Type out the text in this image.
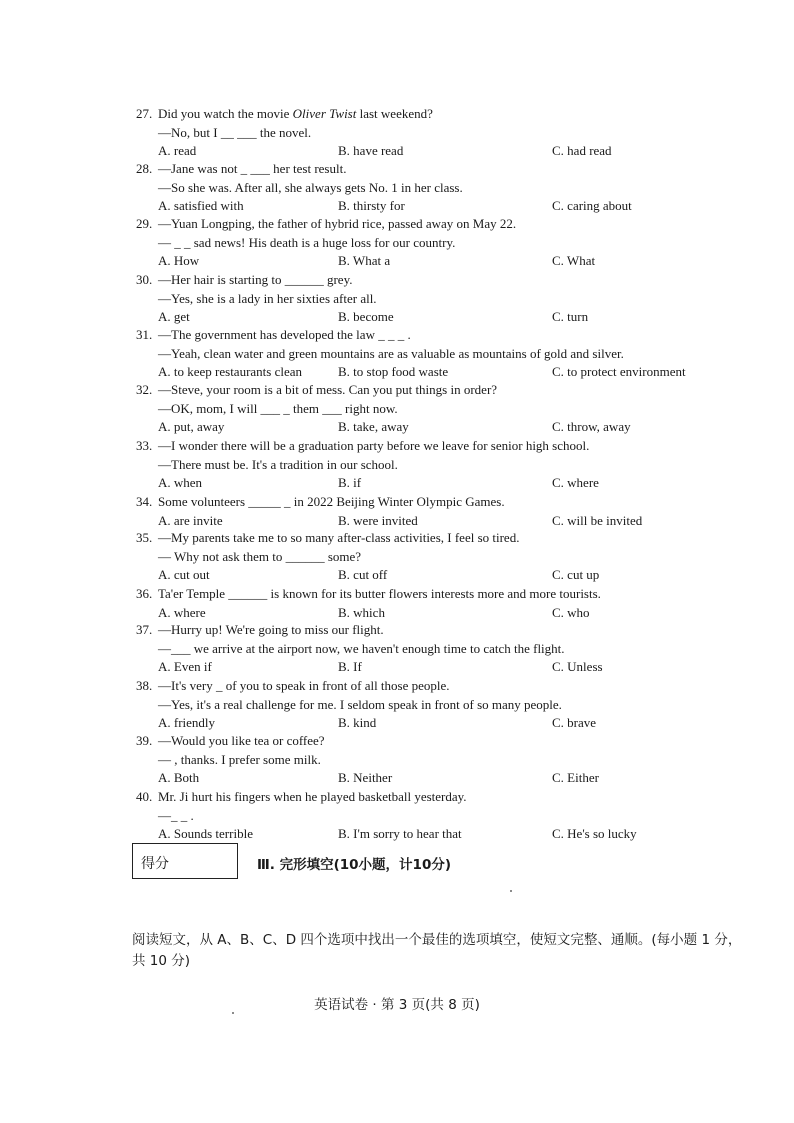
27. Did you watch the movie Oliver Twist last weekend?
—No, but I __ ___ the novel.
A. read	B. have read	C. had read
28. —Jane was not _ ___ her test result.
—So she was. After all, she always gets No. 1 in her class.
A. satisfied with	B. thirsty for	C. caring about
29. —Yuan Longping, the father of hybrid rice, passed away on May 22.
— _ _ sad news! His death is a huge loss for our country.
A. How	B. What a	C. What
30. —Her hair is starting to ______ grey.
—Yes, she is a lady in her sixties after all.
A. get	B. become	C. turn
31. —The government has developed the law _ _ _ .
—Yeah, clean water and green mountains are as valuable as mountains of gold and silver.
A. to keep restaurants clean	B. to stop food waste	C. to protect environment
32. —Steve, your room is a bit of mess. Can you put things in order?
—OK, mom, I will ___ _ them ___ right now.
A. put, away	B. take, away	C. throw, away
33. —I wonder there will be a graduation party before we leave for senior high school.
—There must be. It's a tradition in our school.
A. when	B. if	C. where
34. Some volunteers _____ _ in 2022 Beijing Winter Olympic Games.
A. are invite	B. were invited	C. will be invited
35. —My parents take me to so many after-class activities, I feel so tired.
— Why not ask them to ______ some?
A. cut out	B. cut off	C. cut up
36. Ta'er Temple ______ is known for its butter flowers interests more and more tourists.
A. where	B. which	C. who
37. —Hurry up! We're going to miss our flight.
—___ we arrive at the airport now, we haven't enough time to catch the flight.
A. Even if	B. If	C. Unless
38. —It's very _ of you to speak in front of all those people.
—Yes, it's a real challenge for me. I seldom speak in front of so many people.
A. friendly	B. kind	C. brave
39. —Would you like tea or coffee?
— , thanks. I prefer some milk.
A. Both	B. Neither	C. Either
40. Mr. Ji hurt his fingers when he played basketball yesterday.
—_ _ .
A. Sounds terrible	B. I'm sorry to hear that	C. He's so lucky
得分	Ⅲ. 完形填空(10小题，计10分)
阅读短文，从 A、B、C、D 四个选项中找出一个最佳的选项填空，使短文完整、通顺。(每小题 1 分，共 10 分)
英语试卷 · 第 3 页(共 8 页)
